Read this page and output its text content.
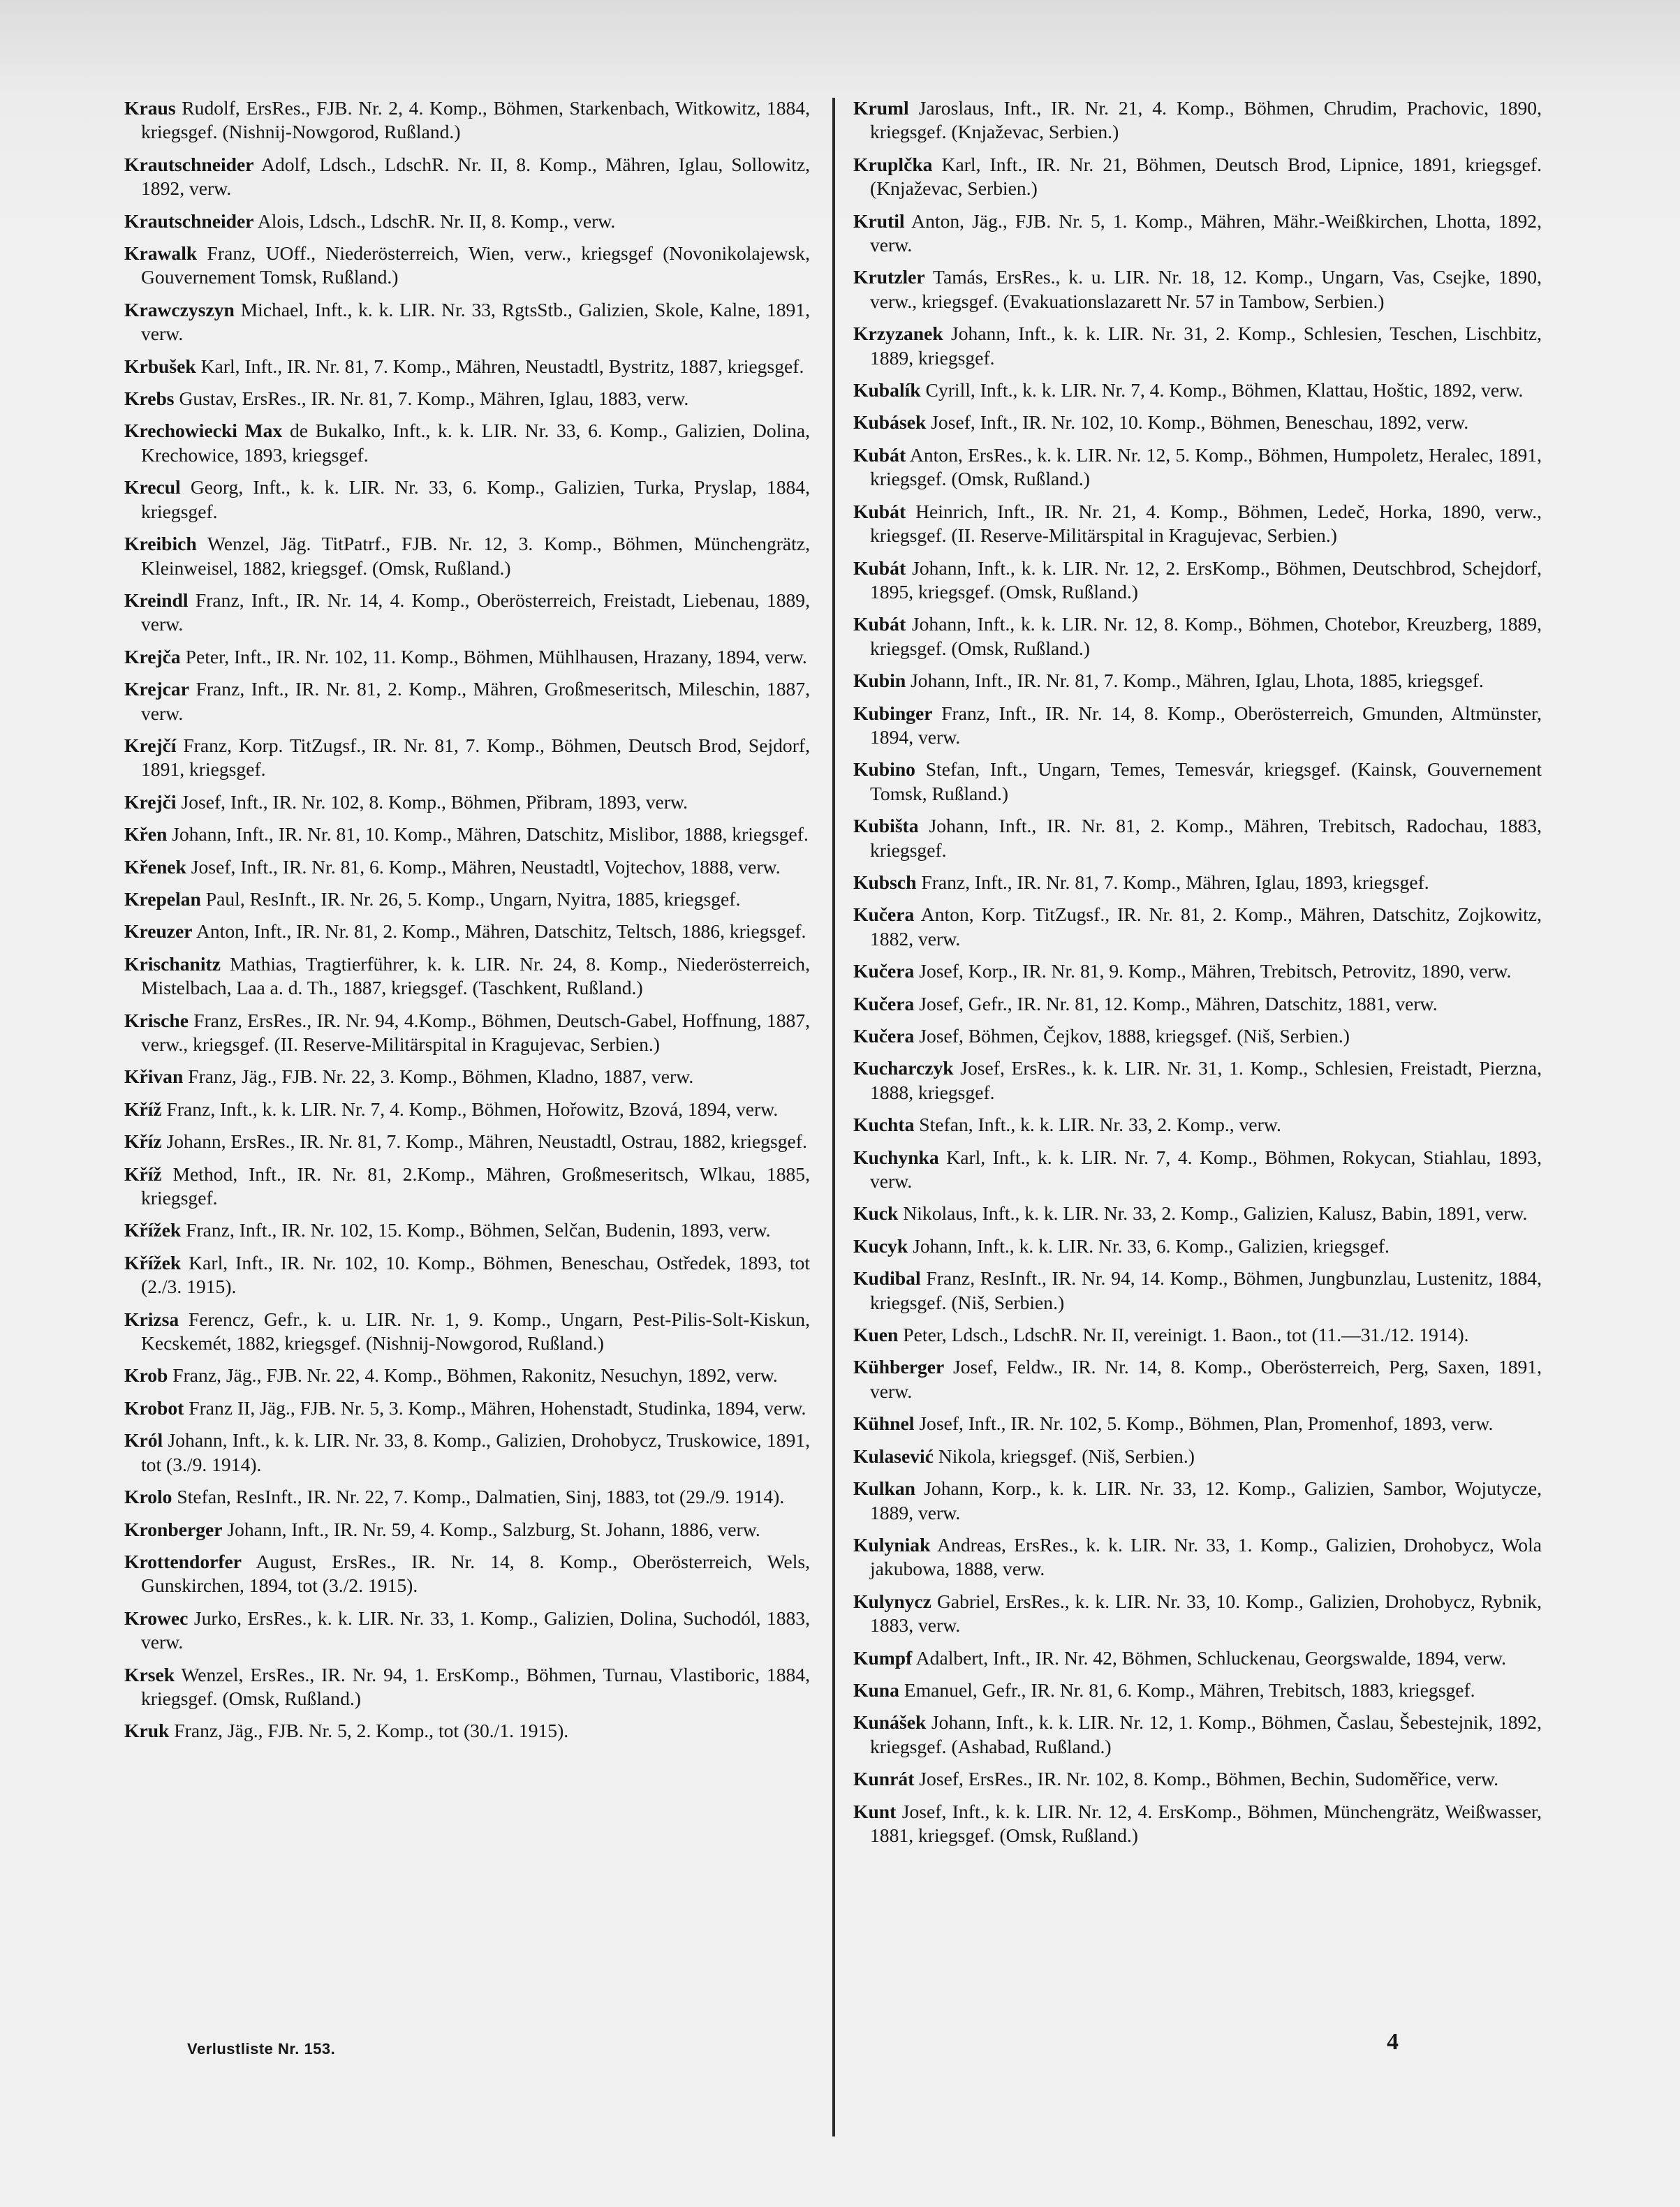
Kraus Rudolf, ErsRes., FJB. Nr. 2, 4. Komp., Böhmen, Starkenbach, Witkowitz, 1884, kriegsgef. (Nishnij-Nowgorod, Rußland.)
Krautschneider Adolf, Ldsch., LdschR. Nr. II, 8. Komp., Mähren, Iglau, Sollowitz, 1892, verw.
Krautschneider Alois, Ldsch., LdschR. Nr. II, 8. Komp., verw.
Krawalk Franz, UOff., Niederösterreich, Wien, verw., kriegsgef (Novonikolajewsk, Gouvernement Tomsk, Rußland.)
Krawczyszyn Michael, Inft., k. k. LIR. Nr. 33, RgtsStb., Galizien, Skole, Kalne, 1891, verw.
Krbušek Karl, Inft., IR. Nr. 81, 7. Komp., Mähren, Neustadtl, Bystritz, 1887, kriegsgef.
Krebs Gustav, ErsRes., IR. Nr. 81, 7. Komp., Mähren, Iglau, 1883, verw.
Krechowiecki Max de Bukalko, Inft., k. k. LIR. Nr. 33, 6. Komp., Galizien, Dolina, Krechowice, 1893, kriegsgef.
Krecul Georg, Inft., k. k. LIR. Nr. 33, 6. Komp., Galizien, Turka, Pryslap, 1884, kriegsgef.
Kreibich Wenzel, Jäg. TitPatrf., FJB. Nr. 12, 3. Komp., Böhmen, Münchengrätz, Kleinweisel, 1882, kriegsgef. (Omsk, Rußland.)
Kreindl Franz, Inft., IR. Nr. 14, 4. Komp., Oberösterreich, Freistadt, Liebenau, 1889, verw.
Krejča Peter, Inft., IR. Nr. 102, 11. Komp., Böhmen, Mühlhausen, Hrazany, 1894, verw.
Krejcar Franz, Inft., IR. Nr. 81, 2. Komp., Mähren, Großmeseritsch, Mileschin, 1887, verw.
Krejčí Franz, Korp. TitZugsf., IR. Nr. 81, 7. Komp., Böhmen, Deutsch Brod, Sejdorf, 1891, kriegsgef.
Krejči Josef, Inft., IR. Nr. 102, 8. Komp., Böhmen, Přibram, 1893, verw.
Křen Johann, Inft., IR. Nr. 81, 10. Komp., Mähren, Datschitz, Mislibor, 1888, kriegsgef.
Křenek Josef, Inft., IR. Nr. 81, 6. Komp., Mähren, Neustadtl, Vojtechov, 1888, verw.
Krepelan Paul, ResInft., IR. Nr. 26, 5. Komp., Ungarn, Nyitra, 1885, kriegsgef.
Kreuzer Anton, Inft., IR. Nr. 81, 2. Komp., Mähren, Datschitz, Teltsch, 1886, kriegsgef.
Krischanitz Mathias, Tragtierführer, k. k. LIR. Nr. 24, 8. Komp., Niederösterreich, Mistelbach, Laa a. d. Th., 1887, kriegsgef. (Taschkent, Rußland.)
Krische Franz, ErsRes., IR. Nr. 94, 4.Komp., Böhmen, Deutsch-Gabel, Hoffnung, 1887, verw., kriegsgef. (II. Reserve-Militärspital in Kragujevac, Serbien.)
Křivan Franz, Jäg., FJB. Nr. 22, 3. Komp., Böhmen, Kladno, 1887, verw.
Kříž Franz, Inft., k. k. LIR. Nr. 7, 4. Komp., Böhmen, Hořowitz, Bzová, 1894, verw.
Kříz Johann, ErsRes., IR. Nr. 81, 7. Komp., Mähren, Neustadtl, Ostrau, 1882, kriegsgef.
Kříž Method, Inft., IR. Nr. 81, 2.Komp., Mähren, Großmeseritsch, Wlkau, 1885, kriegsgef.
Křížek Franz, Inft., IR. Nr. 102, 15. Komp., Böhmen, Selčan, Budenin, 1893, verw.
Křížek Karl, Inft., IR. Nr. 102, 10. Komp., Böhmen, Beneschau, Ostředek, 1893, tot (2./3. 1915).
Krizsa Ferencz, Gefr., k. u. LIR. Nr. 1, 9. Komp., Ungarn, Pest-Pilis-Solt-Kiskun, Kecskemét, 1882, kriegsgef. (Nishnij-Nowgorod, Rußland.)
Krob Franz, Jäg., FJB. Nr. 22, 4. Komp., Böhmen, Rakonitz, Nesuchyn, 1892, verw.
Krobot Franz II, Jäg., FJB. Nr. 5, 3. Komp., Mähren, Hohenstadt, Studinka, 1894, verw.
Król Johann, Inft., k. k. LIR. Nr. 33, 8. Komp., Galizien, Drohobycz, Truskowice, 1891, tot (3./9. 1914).
Krolo Stefan, ResInft., IR. Nr. 22, 7. Komp., Dalmatien, Sinj, 1883, tot (29./9. 1914).
Kronberger Johann, Inft., IR. Nr. 59, 4. Komp., Salzburg, St. Johann, 1886, verw.
Krottendorfer August, ErsRes., IR. Nr. 14, 8. Komp., Oberösterreich, Wels, Gunskirchen, 1894, tot (3./2. 1915).
Krowec Jurko, ErsRes., k. k. LIR. Nr. 33, 1. Komp., Galizien, Dolina, Suchodól, 1883, verw.
Krsek Wenzel, ErsRes., IR. Nr. 94, 1. ErsKomp., Böhmen, Turnau, Vlastiboric, 1884, kriegsgef. (Omsk, Rußland.)
Kruk Franz, Jäg., FJB. Nr. 5, 2. Komp., tot (30./1. 1915).
Kruml Jaroslaus, Inft., IR. Nr. 21, 4. Komp., Böhmen, Chrudim, Prachovic, 1890, kriegsgef. (Knjaževac, Serbien.)
Kruplčka Karl, Inft., IR. Nr. 21, Böhmen, Deutsch Brod, Lipnice, 1891, kriegsgef. (Knjaževac, Serbien.)
Krutil Anton, Jäg., FJB. Nr. 5, 1. Komp., Mähren, Mähr.-Weißkirchen, Lhotta, 1892, verw.
Krutzler Tamás, ErsRes., k. u. LIR. Nr. 18, 12. Komp., Ungarn, Vas, Csejke, 1890, verw., kriegsgef. (Evakuationslazarett Nr. 57 in Tambow, Serbien.)
Krzyzanek Johann, Inft., k. k. LIR. Nr. 31, 2. Komp., Schlesien, Teschen, Lischbitz, 1889, kriegsgef.
Kubalík Cyrill, Inft., k. k. LIR. Nr. 7, 4. Komp., Böhmen, Klattau, Hoštic, 1892, verw.
Kubásek Josef, Inft., IR. Nr. 102, 10. Komp., Böhmen, Beneschau, 1892, verw.
Kubát Anton, ErsRes., k. k. LIR. Nr. 12, 5. Komp., Böhmen, Humpoletz, Heralec, 1891, kriegsgef. (Omsk, Rußland.)
Kubát Heinrich, Inft., IR. Nr. 21, 4. Komp., Böhmen, Ledeč, Horka, 1890, verw., kriegsgef. (II. Reserve-Militärspital in Kragujevac, Serbien.)
Kubát Johann, Inft., k. k. LIR. Nr. 12, 2. ErsKomp., Böhmen, Deutschbrod, Schejdorf, 1895, kriegsgef. (Omsk, Rußland.)
Kubát Johann, Inft., k. k. LIR. Nr. 12, 8. Komp., Böhmen, Chotebor, Kreuzberg, 1889, kriegsgef. (Omsk, Rußland.)
Kubin Johann, Inft., IR. Nr. 81, 7. Komp., Mähren, Iglau, Lhota, 1885, kriegsgef.
Kubinger Franz, Inft., IR. Nr. 14, 8. Komp., Oberösterreich, Gmunden, Altmünster, 1894, verw.
Kubino Stefan, Inft., Ungarn, Temes, Temesvár, kriegsgef. (Kainsk, Gouvernement Tomsk, Rußland.)
Kubišta Johann, Inft., IR. Nr. 81, 2. Komp., Mähren, Trebitsch, Radochau, 1883, kriegsgef.
Kubsch Franz, Inft., IR. Nr. 81, 7. Komp., Mähren, Iglau, 1893, kriegsgef.
Kučera Anton, Korp. TitZugsf., IR. Nr. 81, 2. Komp., Mähren, Datschitz, Zojkowitz, 1882, verw.
Kučera Josef, Korp., IR. Nr. 81, 9. Komp., Mähren, Trebitsch, Petrovitz, 1890, verw.
Kučera Josef, Gefr., IR. Nr. 81, 12. Komp., Mähren, Datschitz, 1881, verw.
Kučera Josef, Böhmen, Čejkov, 1888, kriegsgef. (Niš, Serbien.)
Kucharczyk Josef, ErsRes., k. k. LIR. Nr. 31, 1. Komp., Schlesien, Freistadt, Pierzna, 1888, kriegsgef.
Kuchta Stefan, Inft., k. k. LIR. Nr. 33, 2. Komp., verw.
Kuchynka Karl, Inft., k. k. LIR. Nr. 7, 4. Komp., Böhmen, Rokycan, Stiahlau, 1893, verw.
Kuck Nikolaus, Inft., k. k. LIR. Nr. 33, 2. Komp., Galizien, Kalusz, Babin, 1891, verw.
Kucyk Johann, Inft., k. k. LIR. Nr. 33, 6. Komp., Galizien, kriegsgef.
Kudibal Franz, ResInft., IR. Nr. 94, 14. Komp., Böhmen, Jungbunzlau, Lustenitz, 1884, kriegsgef. (Niš, Serbien.)
Kuen Peter, Ldsch., LdschR. Nr. II, vereinigt. 1. Baon., tot (11.—31./12. 1914).
Kühberger Josef, Feldw., IR. Nr. 14, 8. Komp., Oberösterreich, Perg, Saxen, 1891, verw.
Kühnel Josef, Inft., IR. Nr. 102, 5. Komp., Böhmen, Plan, Promenhof, 1893, verw.
Kulasević Nikola, kriegsgef. (Niš, Serbien.)
Kulkan Johann, Korp., k. k. LIR. Nr. 33, 12. Komp., Galizien, Sambor, Wojutycze, 1889, verw.
Kulyniak Andreas, ErsRes., k. k. LIR. Nr. 33, 1. Komp., Galizien, Drohobycz, Wola jakubowa, 1888, verw.
Kulynycz Gabriel, ErsRes., k. k. LIR. Nr. 33, 10. Komp., Galizien, Drohobycz, Rybnik, 1883, verw.
Kumpf Adalbert, Inft., IR. Nr. 42, Böhmen, Schluckenau, Georgswalde, 1894, verw.
Kuna Emanuel, Gefr., IR. Nr. 81, 6. Komp., Mähren, Trebitsch, 1883, kriegsgef.
Kunášek Johann, Inft., k. k. LIR. Nr. 12, 1. Komp., Böhmen, Časlau, Šebestejnik, 1892, kriegsgef. (Ashabad, Rußland.)
Kunrát Josef, ErsRes., IR. Nr. 102, 8. Komp., Böhmen, Bechin, Sudoměřice, verw.
Kunt Josef, Inft., k. k. LIR. Nr. 12, 4. ErsKomp., Böhmen, Münchengrätz, Weißwasser, 1881, kriegsgef. (Omsk, Rußland.)
Verlustliste Nr. 153.	4
